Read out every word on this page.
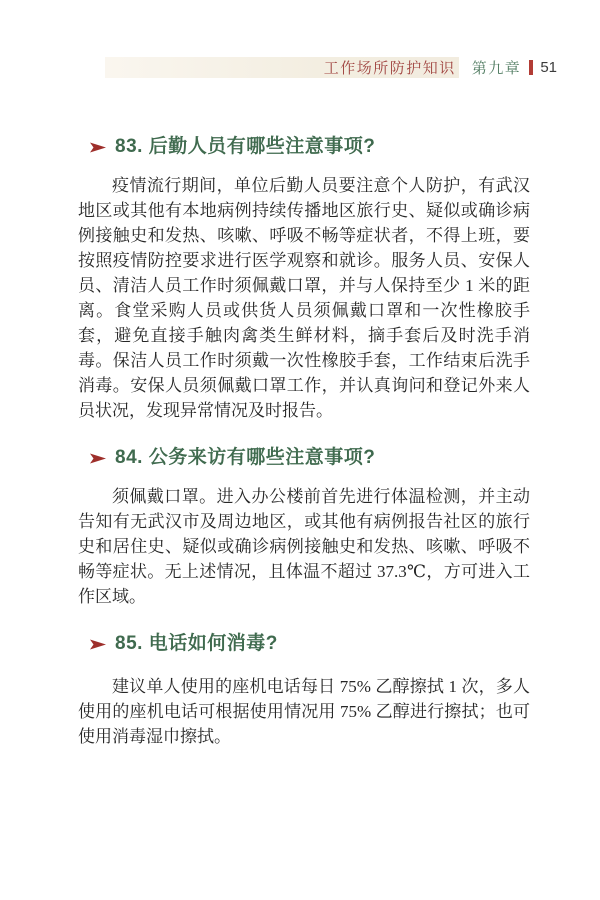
工作场所防护知识 第九章 51
83. 后勤人员有哪些注意事项?

疫情流行期间，单位后勤人员要注意个人防护，有武汉地区或其他有本地病例持续传播地区旅行史、疑似或确诊病例接触史和发热、咳嗽、呼吸不畅等症状者，不得上班，要按照疫情防控要求进行医学观察和就诊。服务人员、安保人员、清洁人员工作时须佩戴口罩，并与人保持至少 1 米的距离。食堂采购人员或供货人员须佩戴口罩和一次性橡胶手套，避免直接手触肉禽类生鲜材料，摘手套后及时洗手消毒。保洁人员工作时须戴一次性橡胶手套，工作结束后洗手消毒。安保人员须佩戴口罩工作，并认真询问和登记外来人员状况，发现异常情况及时报告。

84. 公务来访有哪些注意事项?

须佩戴口罩。进入办公楼前首先进行体温检测，并主动告知有无武汉市及周边地区，或其他有病例报告社区的旅行史和居住史、疑似或确诊病例接触史和发热、咳嗽、呼吸不畅等症状。无上述情况，且体温不超过 37.3℃，方可进入工作区域。

85. 电话如何消毒?

建议单人使用的座机电话每日 75% 乙醇擦拭 1 次，多人使用的座机电话可根据使用情况用 75% 乙醇进行擦拭；也可使用消毒湿巾擦拭。
